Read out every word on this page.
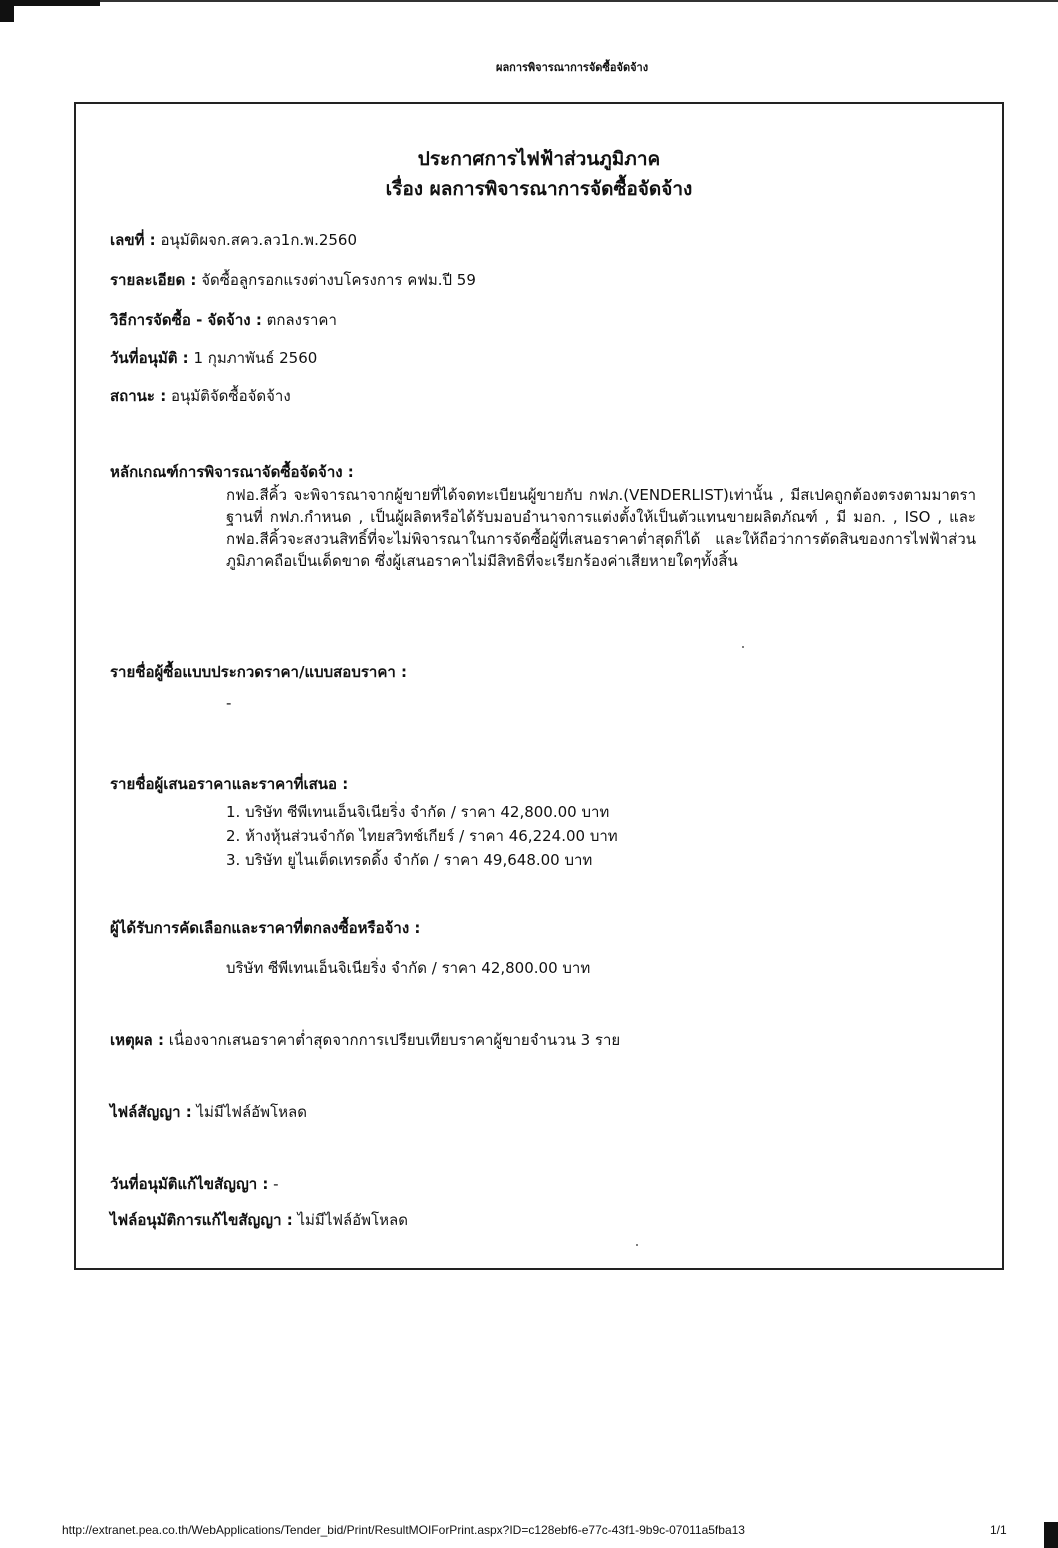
ผลการพิจารณาการจัดซื้อจัดจ้าง
ประกาศการไฟฟ้าส่วนภูมิภาค
เรื่อง ผลการพิจารณาการจัดซื้อจัดจ้าง
เลขที่ : อนุมัติผจก.สคว.ลว1ก.พ.2560
รายละเอียด : จัดซื้อลูกรอกแรงต่างบโครงการ คฟม.ปี 59
วิธีการจัดซื้อ - จัดจ้าง : ตกลงราคา
วันที่อนุมัติ : 1 กุมภาพันธ์ 2560
สถานะ : อนุมัติจัดซื้อจัดจ้าง
หลักเกณฑ์การพิจารณาจัดซื้อจัดจ้าง :
กฟอ.สีคิ้ว จะพิจารณาจากผู้ขายที่ได้จดทะเบียนผู้ขายกับ กฟภ.(VENDERLIST)เท่านั้น , มีสเปคถูกต้องตรงตามมาตราฐานที่ กฟภ.กำหนด , เป็นผู้ผลิตหรือได้รับมอบอำนาจการแต่งตั้งให้เป็นตัวแทนขายผลิตภัณฑ์ , มี มอก. , ISO , และกฟอ.สีคิ้วจะสงวนสิทธิ์ที่จะไม่พิจารณาในการจัดซื้อผู้ที่เสนอราคาต่ำสุดก็ได้ และให้ถือว่าการตัดสินของการไฟฟ้าส่วนภูมิภาคถือเป็นเด็ดขาด ซึ่งผู้เสนอราคาไม่มีสิทธิที่จะเรียกร้องค่าเสียหายใดๆทั้งสิ้น
รายชื่อผู้ซื้อแบบประกวดราคา/แบบสอบราคา :
-
รายชื่อผู้เสนอราคาและราคาที่เสนอ :
1. บริษัท ซีพีเทนเอ็นจิเนียริ่ง จำกัด / ราคา 42,800.00 บาท
2. ห้างหุ้นส่วนจำกัด ไทยสวิทช์เกียร์ / ราคา 46,224.00 บาท
3. บริษัท ยูไนเต็ดเทรดดิ้ง จำกัด / ราคา 49,648.00 บาท
ผู้ได้รับการคัดเลือกและราคาที่ตกลงซื้อหรือจ้าง :
บริษัท ซีพีเทนเอ็นจิเนียริ่ง จำกัด / ราคา 42,800.00 บาท
เหตุผล : เนื่องจากเสนอราคาต่ำสุดจากการเปรียบเทียบราคาผู้ขายจำนวน 3 ราย
ไฟล์สัญญา : ไม่มีไฟล์อัพโหลด
วันที่อนุมัติแก้ไขสัญญา : -
ไฟล์อนุมัติการแก้ไขสัญญา : ไม่มีไฟล์อัพโหลด
http://extranet.pea.co.th/WebApplications/Tender_bid/Print/ResultMOIForPrint.aspx?ID=c128ebf6-e77c-43f1-9b9c-07011a5fba13	1/1
